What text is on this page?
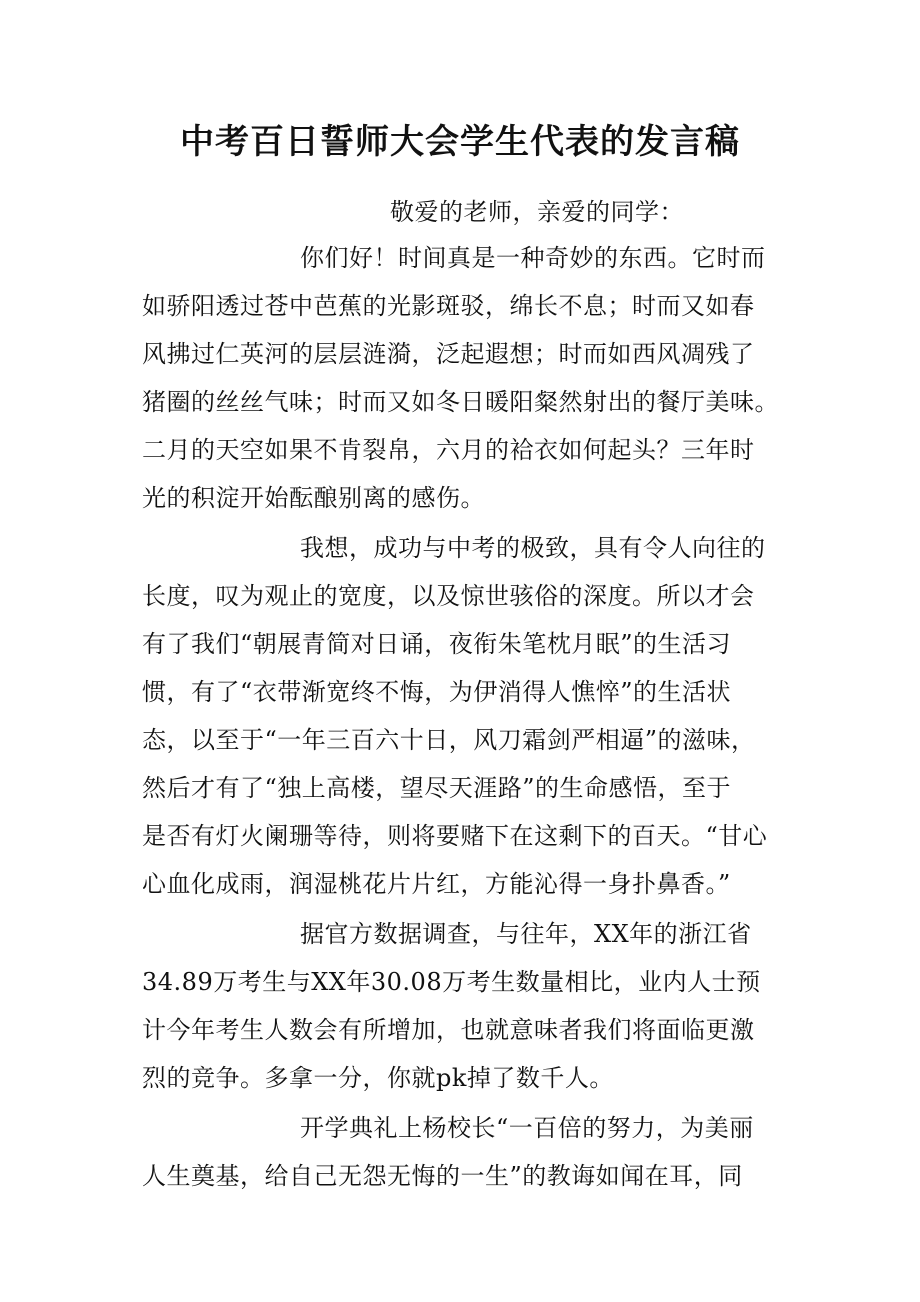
中考百日誓师大会学生代表的发言稿
敬爱的老师，亲爱的同学：
你们好！时间真是一种奇妙的东西。它时而
如骄阳透过苍中芭蕉的光影斑驳，绵长不息；时而又如春
风拂过仁英河的层层涟漪，泛起遐想；时而如西风凋残了
猪圈的丝丝气味；时而又如冬日暖阳粲然射出的餐厅美味。
二月的天空如果不肯裂帛，六月的袷衣如何起头？三年时
光的积淀开始酝酿别离的感伤。
我想，成功与中考的极致，具有令人向往的
长度，叹为观止的宽度，以及惊世骇俗的深度。所以才会
有了我们“朝展青简对日诵，夜衔朱笔枕月眠”的生活习
惯，有了“衣带渐宽终不悔，为伊消得人憔悴”的生活状
态，以至于“一年三百六十日，风刀霜剑严相逼”的滋味，
然后才有了“独上高楼，望尽天涯路”的生命感悟，至于
是否有灯火阑珊等待，则将要赌下在这剩下的百天。“甘心
心血化成雨，润湿桃花片片红，方能沁得一身扑鼻香。”
据官方数据调查，与往年，XX年的浙江省
34.89万考生与XX年30.08万考生数量相比，业内人士预
计今年考生人数会有所增加，也就意味者我们将面临更激
烈的竞争。多拿一分，你就pk掉了数千人。
开学典礼上杨校长“一百倍的努力，为美丽
人生奠基，给自己无怨无悔的一生”的教诲如闻在耳，同
